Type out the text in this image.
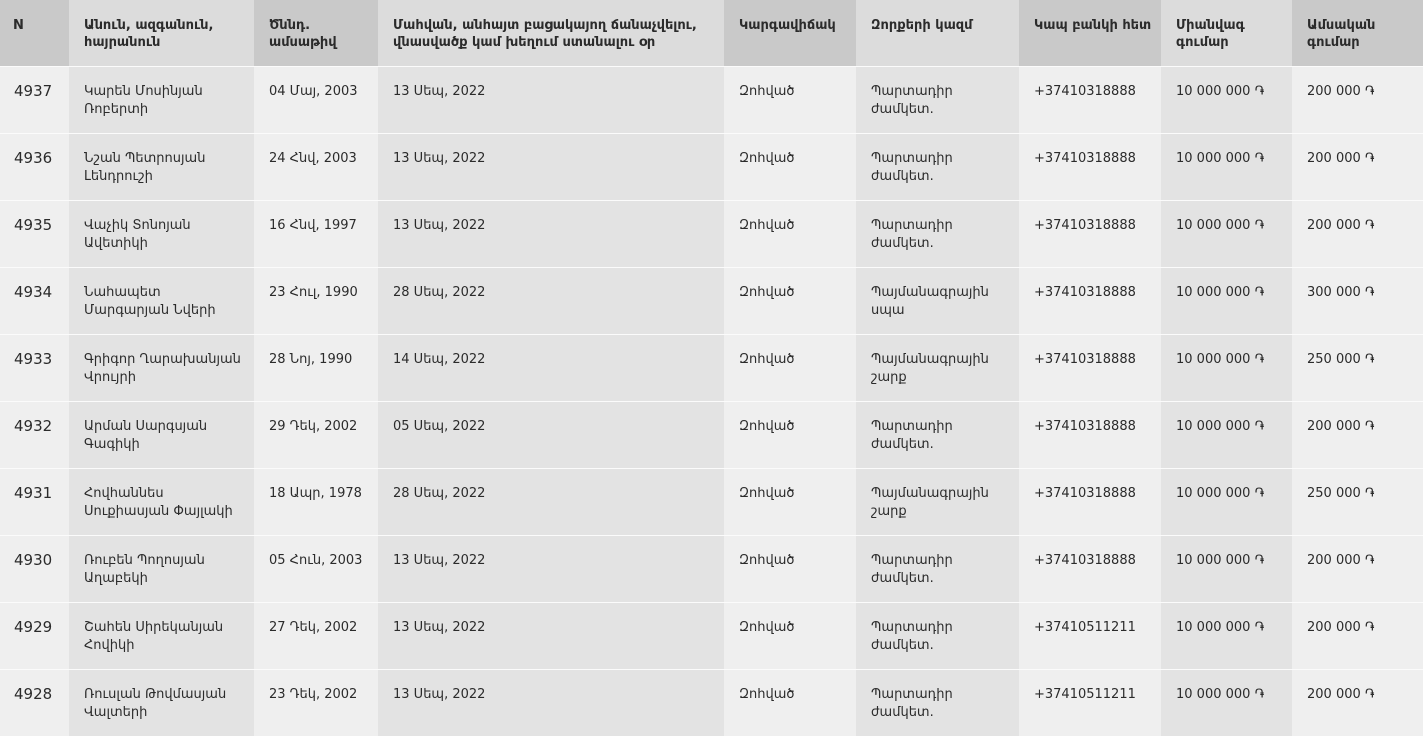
N	Անուն, ազգանուն, հայրանուն	Ծննդ. ամսաթիվ	Մահվան, անհայտ բացակայող ճանաչվելու, վնասվածք կամ խեղում ստանալու օր	Կարգավիճակ	Զորքերի կազմ	Կապ բանկի հետ	Միանվագ գումար	Ամսական գումար
4937	Կարեն Մոսինյան Ռոբերտի	04 Մայ, 2003	13 Սեպ, 2022	Զոհված	Պարտադիր ժամկետ.	+37410318888	10 000 000 ֏	200 000 ֏
4936	Նշան Պետրոսյան Լենդրուշի	24 Հնվ, 2003	13 Սեպ, 2022	Զոհված	Պարտադիր ժամկետ.	+37410318888	10 000 000 ֏	200 000 ֏
4935	Վաչիկ Տոնոյան Ավետիկի	16 Հնվ, 1997	13 Սեպ, 2022	Զոհված	Պարտադիր ժամկետ.	+37410318888	10 000 000 ֏	200 000 ֏
4934	Նահապետ Մարգարյան Նվերի	23 Հուլ, 1990	28 Սեպ, 2022	Զոհված	Պայմանագրային սպա	+37410318888	10 000 000 ֏	300 000 ֏
4933	Գրիգոր Ղարախանյան Վրույրի	28 Նոյ, 1990	14 Սեպ, 2022	Զոհված	Պայմանագրային շարք	+37410318888	10 000 000 ֏	250 000 ֏
4932	Արման Սարգսյան Գագիկի	29 Դեկ, 2002	05 Սեպ, 2022	Զոհված	Պարտադիր ժամկետ.	+37410318888	10 000 000 ֏	200 000 ֏
4931	Հովհաննես Սուքիասյան Փայլակի	18 Ապր, 1978	28 Սեպ, 2022	Զոհված	Պայմանագրային շարք	+37410318888	10 000 000 ֏	250 000 ֏
4930	Ռուբեն Պողոսյան Աղաբեկի	05 Հուն, 2003	13 Սեպ, 2022	Զոհված	Պարտադիր ժամկետ.	+37410318888	10 000 000 ֏	200 000 ֏
4929	Շահեն Սիրեկանյան Հովիկի	27 Դեկ, 2002	13 Սեպ, 2022	Զոհված	Պարտադիր ժամկետ.	+37410511211	10 000 000 ֏	200 000 ֏
4928	Ռուսլան Թովմասյան Վալտերի	23 Դեկ, 2002	13 Սեպ, 2022	Զոհված	Պարտադիր ժամկետ.	+37410511211	10 000 000 ֏	200 000 ֏
